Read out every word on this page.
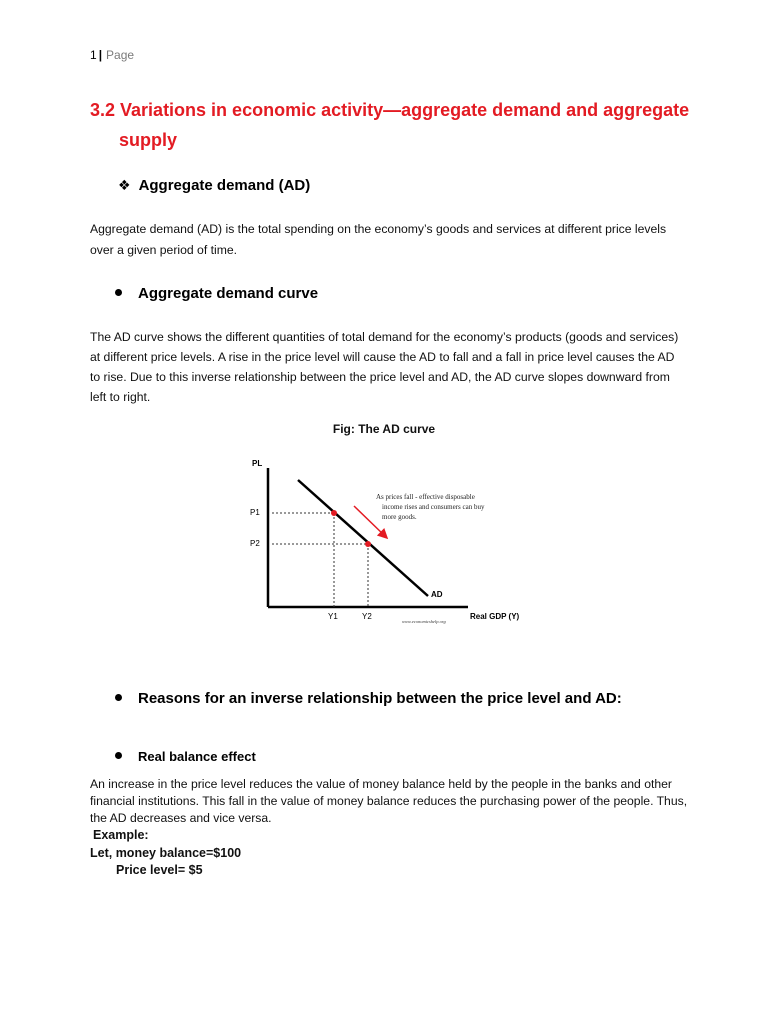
1 | Page
3.2 Variations in economic activity—aggregate demand and aggregate
supply
❖ Aggregate demand (AD)
Aggregate demand (AD) is the total spending on the economy’s goods and services at different price levels over a given period of time.
Aggregate demand curve
The AD curve shows the different quantities of total demand for the economy’s products (goods and services) at different price levels. A rise in the price level will cause the AD to fall and a fall in price level causes the AD to rise. Due to this inverse relationship between the price level and AD, the AD curve slopes downward from left to right.
Fig: The AD curve
PL
Real GDP (Y)
AD
P1
P2
Y1	Y2
As prices fall - effective disposable income rises and consumers can buy more goods.
www.economicshelp.org
Reasons for an inverse relationship between the price level and AD:
Real balance effect
An increase in the price level reduces the value of money balance held by the people in the banks and other financial institutions. This fall in the value of money balance reduces the purchasing power of the people. Thus, the AD decreases and vice versa.
Example:
Let, money balance=$100
Price level= $5
